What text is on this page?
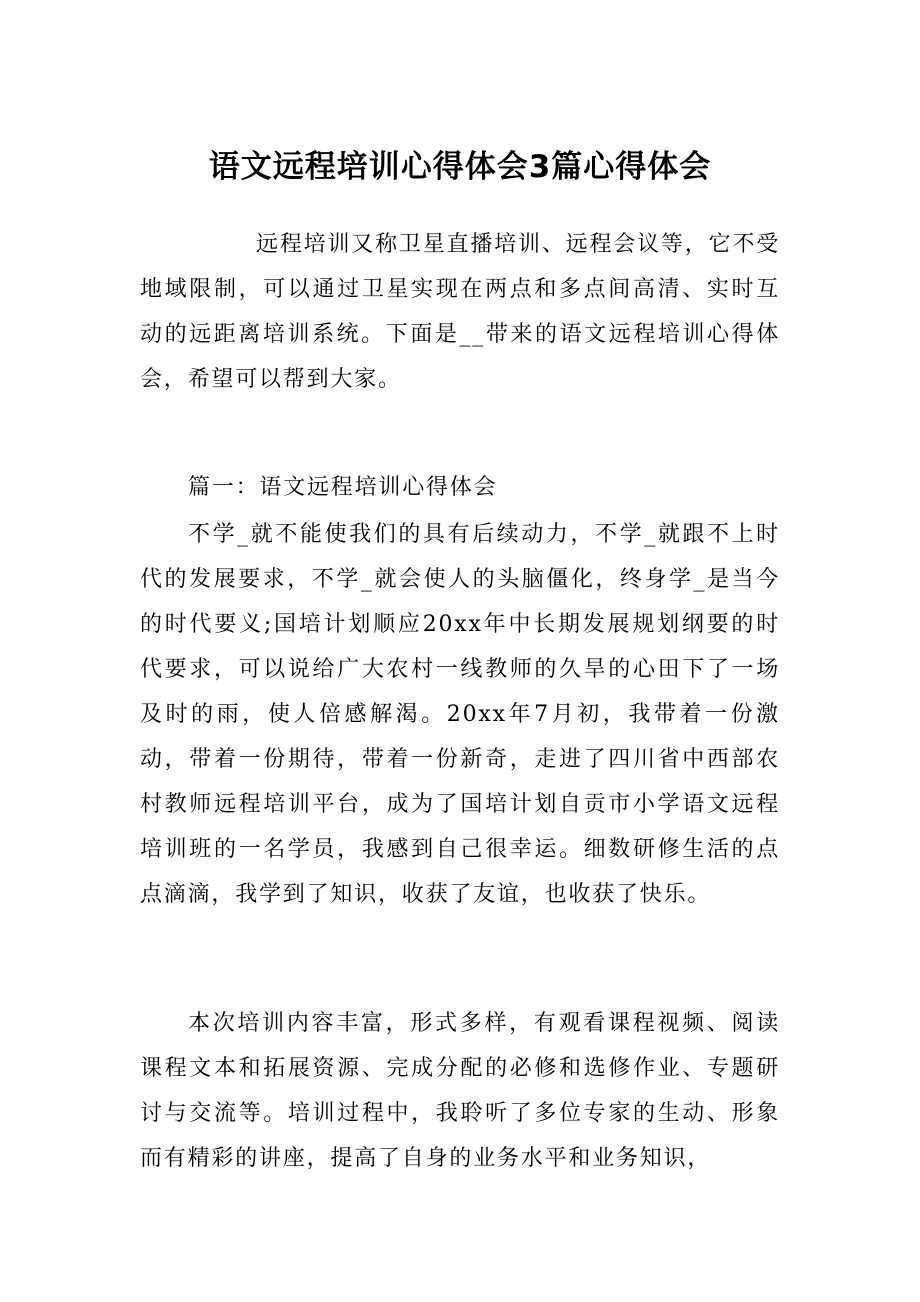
语文远程培训心得体会3篇心得体会

远程培训又称卫星直播培训、远程会议等，它不受地域限制，可以通过卫星实现在两点和多点间高清、实时互动的远距离培训系统。下面是__带来的语文远程培训心得体会，希望可以帮到大家。

篇一：语文远程培训心得体会

不学_就不能使我们的具有后续动力，不学_就跟不上时代的发展要求，不学_就会使人的头脑僵化，终身学_是当今的时代要义;国培计划顺应20xx年中长期发展规划纲要的时代要求，可以说给广大农村一线教师的久旱的心田下了一场及时的雨，使人倍感解渴。20xx年7月初，我带着一份激动，带着一份期待，带着一份新奇，走进了四川省中西部农村教师远程培训平台，成为了国培计划自贡市小学语文远程培训班的一名学员，我感到自己很幸运。细数研修生活的点点滴滴，我学到了知识，收获了友谊，也收获了快乐。

本次培训内容丰富，形式多样，有观看课程视频、阅读课程文本和拓展资源、完成分配的必修和选修作业、专题研讨与交流等。培训过程中，我聆听了多位专家的生动、形象而有精彩的讲座，提高了自身的业务水平和业务知识，
